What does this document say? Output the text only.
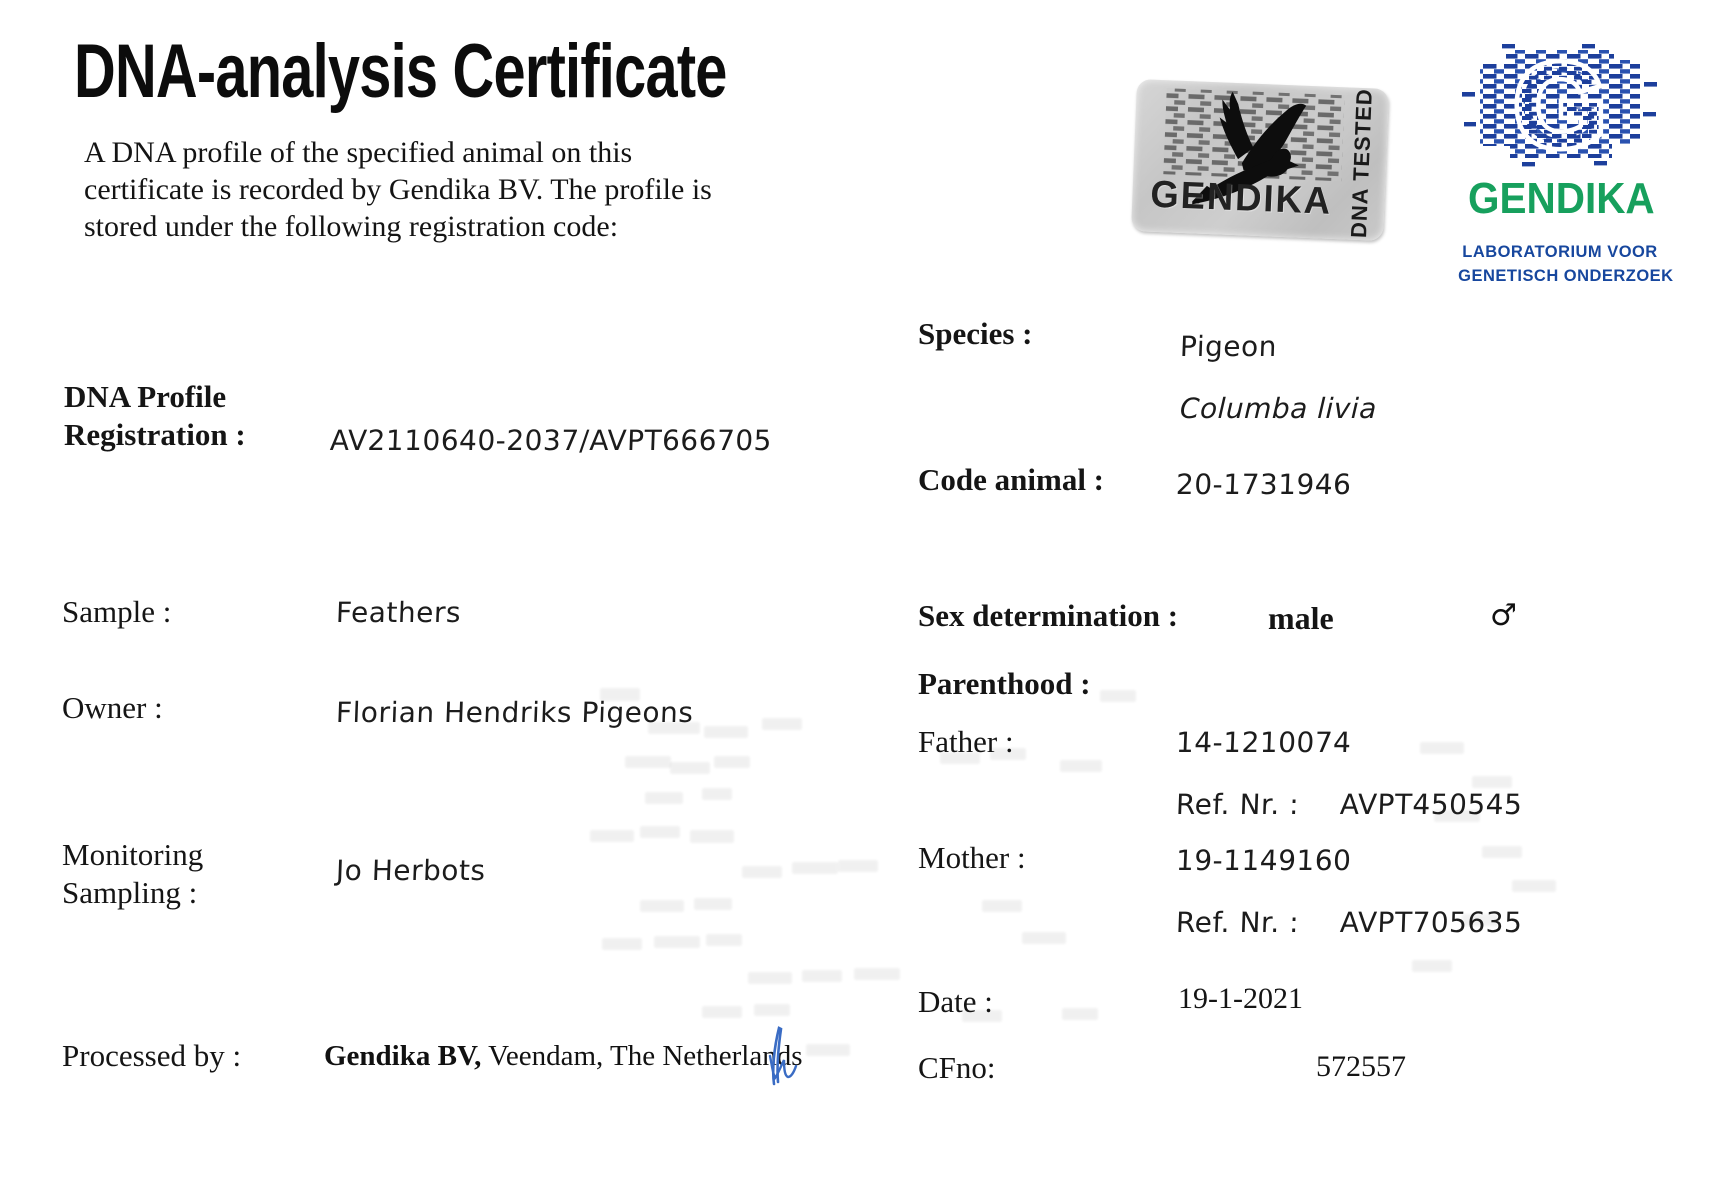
DNA-analysis Certificate
A DNA profile of the specified animal on this certificate is recorded by Gendika BV. The profile is stored under the following registration code:
DNA Profile
Registration :	AV2110640-2037/AVPT666705
Sample :	Feathers
Owner :	Florian Hendriks Pigeons
Monitoring
Sampling :
Jo Herbots
Processed by :	Gendika BV, Veendam, The Netherlands
Species :	Pigeon
Columba livia
Code animal :	20-1731946
Sex determination :	male	♂
Parenthood :
Father :	14-1210074
Ref. Nr. : AVPT450545
Mother :	19-1149160
Ref. Nr. : AVPT705635
Date :	19-1-2021
CFno:	572557
GENDIKA DNA TESTED G
GENDIKA
LABORATORIUM VOOR
GENETISCH ONDERZOEK
